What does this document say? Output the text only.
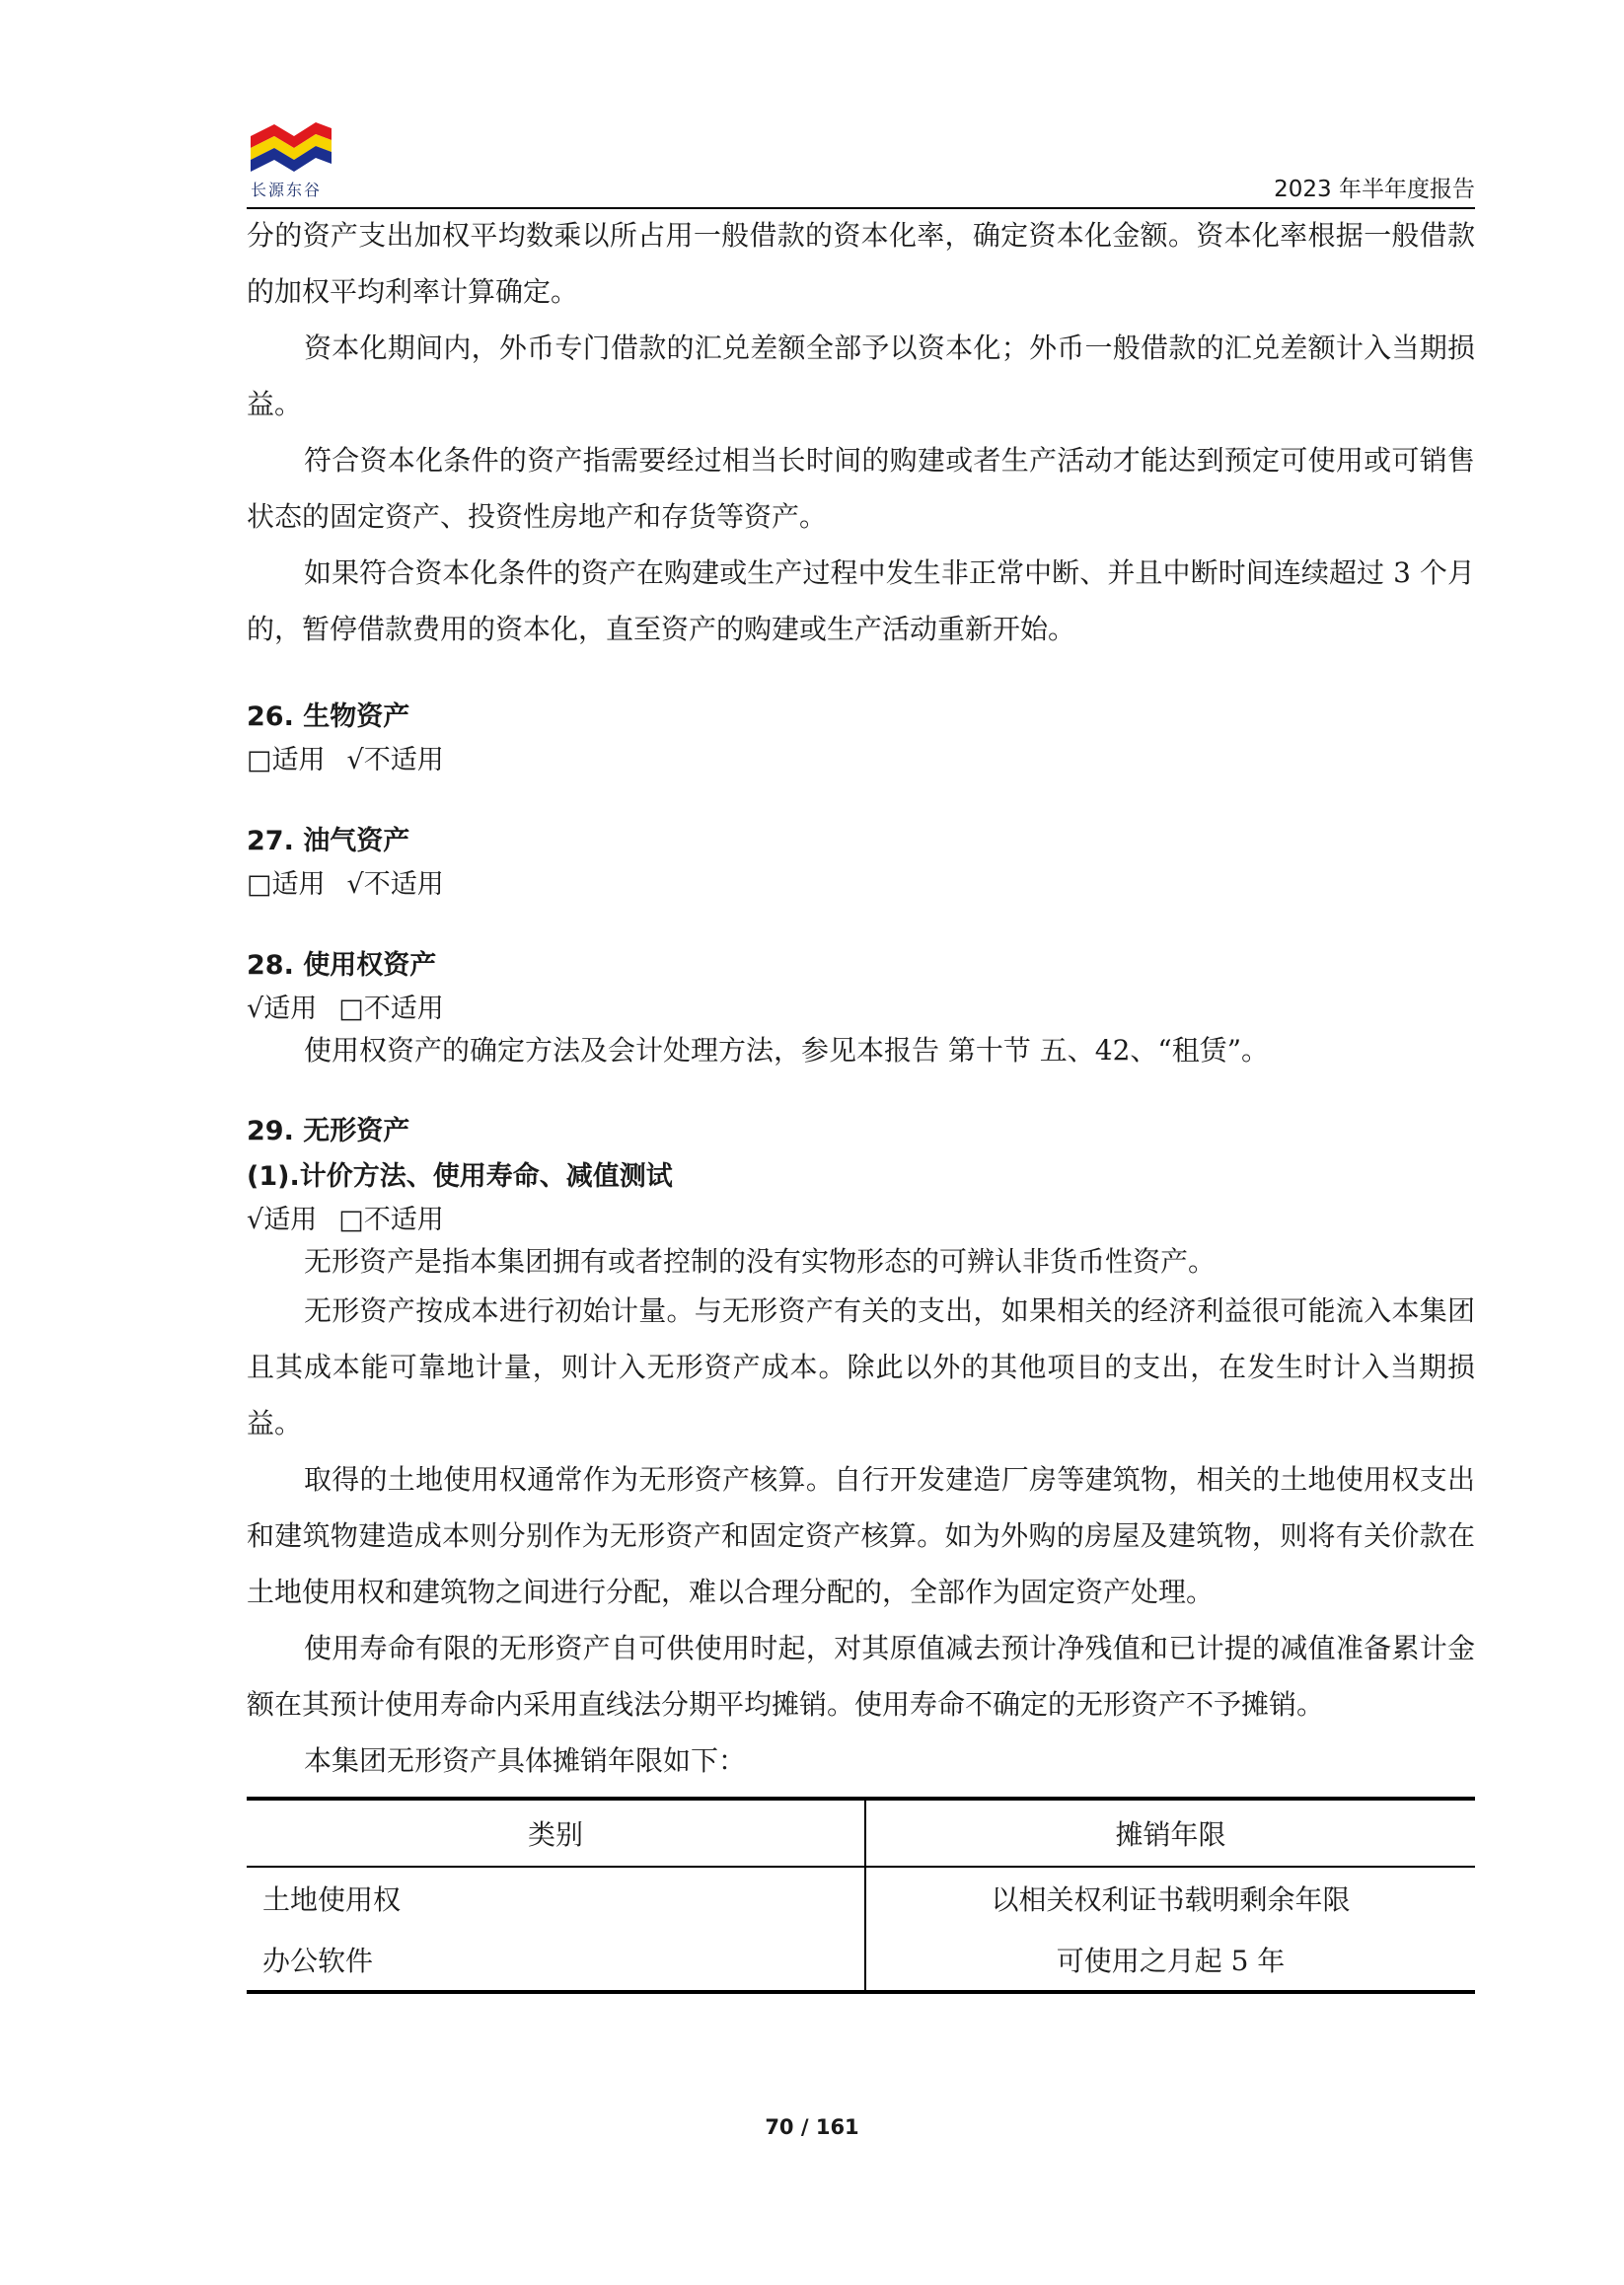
长源东谷	2023 年半年度报告

分的资产支出加权平均数乘以所占用一般借款的资本化率，确定资本化金额。资本化率根据一般借款的加权平均利率计算确定。

资本化期间内，外币专门借款的汇兑差额全部予以资本化；外币一般借款的汇兑差额计入当期损益。

符合资本化条件的资产指需要经过相当长时间的购建或者生产活动才能达到预定可使用或可销售状态的固定资产、投资性房地产和存货等资产。

如果符合资本化条件的资产在购建或生产过程中发生非正常中断、并且中断时间连续超过 3 个月的，暂停借款费用的资本化，直至资产的购建或生产活动重新开始。

26. 生物资产

□适用 √不适用

27. 油气资产

□适用 √不适用

28. 使用权资产

√适用 □不适用

使用权资产的确定方法及会计处理方法，参见本报告 第十节 五、42、“租赁”。

29. 无形资产

(1).计价方法、使用寿命、减值测试

√适用 □不适用

无形资产是指本集团拥有或者控制的没有实物形态的可辨认非货币性资产。

无形资产按成本进行初始计量。与无形资产有关的支出，如果相关的经济利益很可能流入本集团且其成本能可靠地计量，则计入无形资产成本。除此以外的其他项目的支出，在发生时计入当期损益。

取得的土地使用权通常作为无形资产核算。自行开发建造厂房等建筑物，相关的土地使用权支出和建筑物建造成本则分别作为无形资产和固定资产核算。如为外购的房屋及建筑物，则将有关价款在土地使用权和建筑物之间进行分配，难以合理分配的，全部作为固定资产处理。

使用寿命有限的无形资产自可供使用时起，对其原值减去预计净残值和已计提的减值准备累计金额在其预计使用寿命内采用直线法分期平均摊销。使用寿命不确定的无形资产不予摊销。

本集团无形资产具体摊销年限如下：

类别	摊销年限
土地使用权	以相关权利证书载明剩余年限
办公软件	可使用之月起 5 年
70 / 161
